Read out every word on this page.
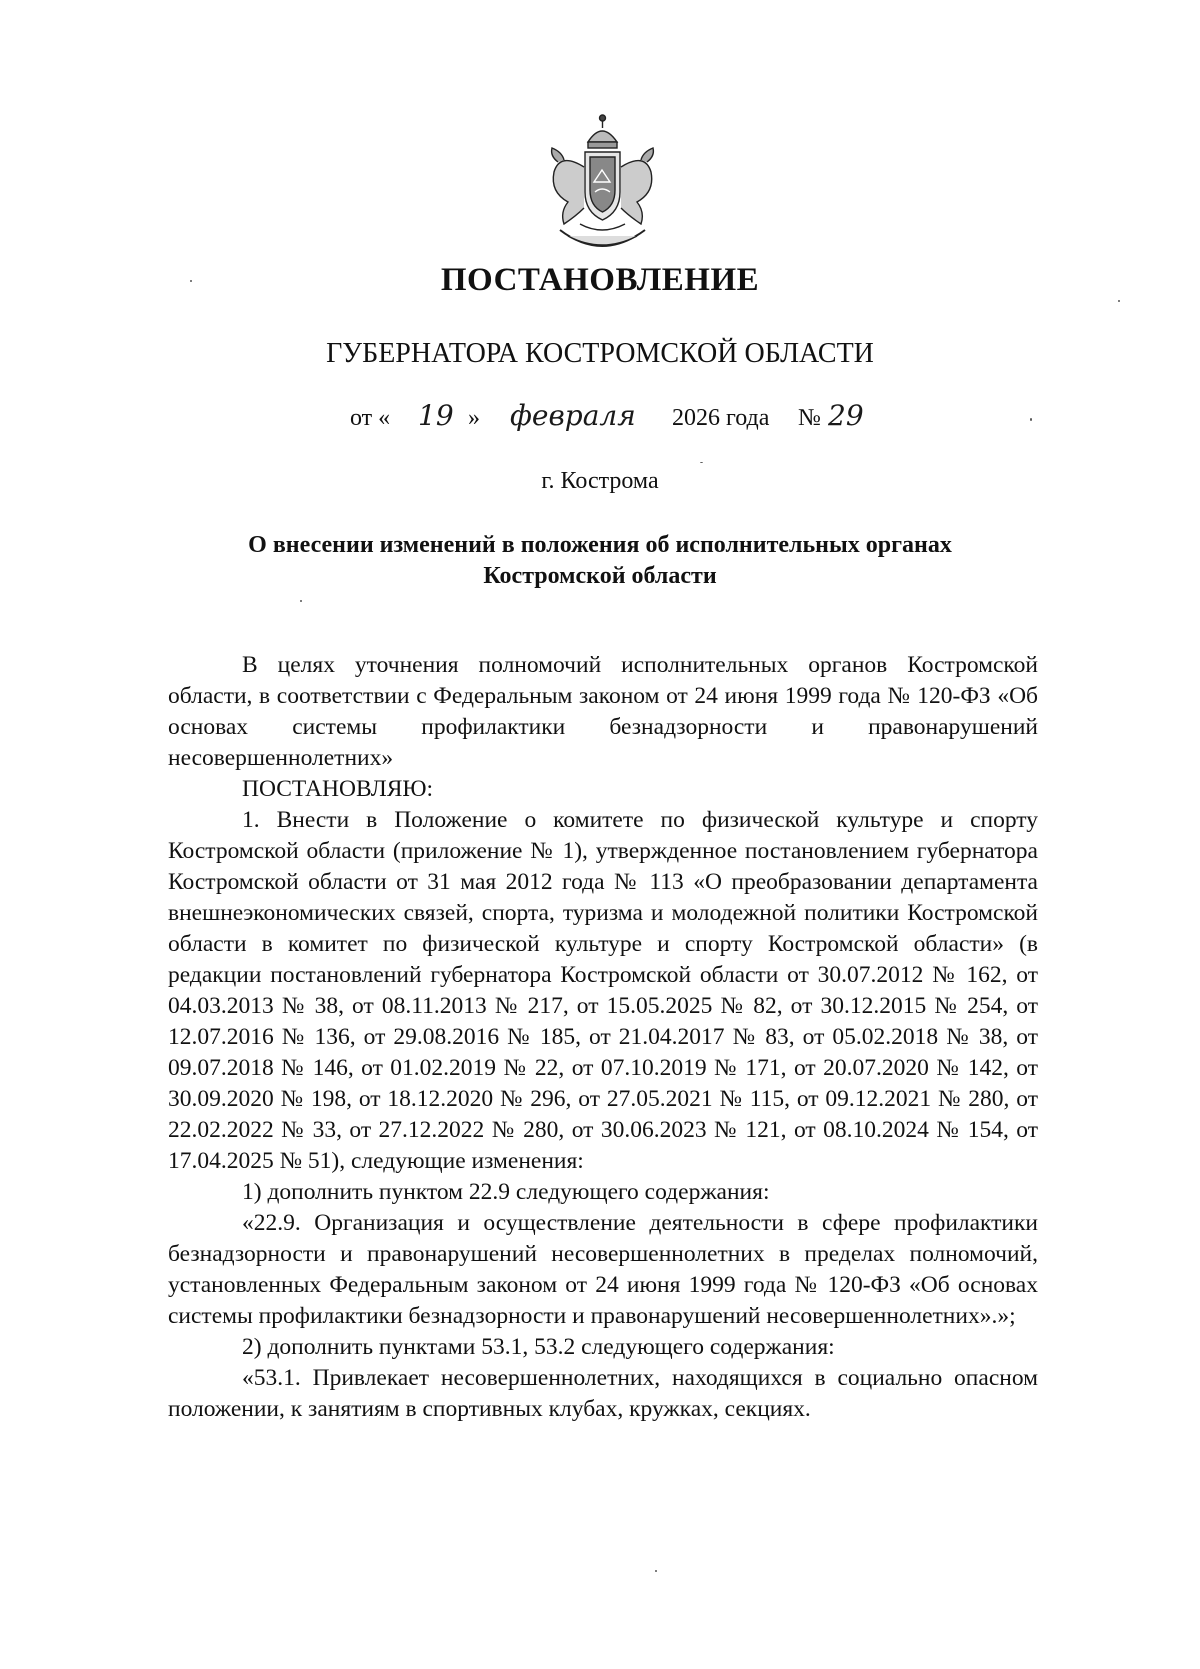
ПОСТАНОВЛЕНИЕ
ГУБЕРНАТОРА КОСТРОМСКОЙ ОБЛАСТИ
от « 19 » февраля 2026 года № 29
г. Кострома
О внесении изменений в положения об исполнительных органах
Костромской области

В целях уточнения полномочий исполнительных органов Костромской области, в соответствии с Федеральным законом от 24 июня 1999 года № 120-ФЗ «Об основах системы профилактики безнадзорности и правонарушений несовершеннолетних»

ПОСТАНОВЛЯЮ:

1. Внести в Положение о комитете по физической культуре и спорту Костромской области (приложение № 1), утвержденное постановлением губернатора Костромской области от 31 мая 2012 года № 113 «О преобразовании департамента внешнеэкономических связей, спорта, туризма и молодежной политики Костромской области в комитет по физической культуре и спорту Костромской области» (в редакции постановлений губернатора Костромской области от 30.07.2012 № 162, от 04.03.2013 № 38, от 08.11.2013 № 217, от 15.05.2025 № 82, от 30.12.2015 № 254, от 12.07.2016 № 136, от 29.08.2016 № 185, от 21.04.2017 № 83, от 05.02.2018 № 38, от 09.07.2018 № 146, от 01.02.2019 № 22, от 07.10.2019 № 171, от 20.07.2020 № 142, от 30.09.2020 № 198, от 18.12.2020 № 296, от 27.05.2021 № 115, от 09.12.2021 № 280, от 22.02.2022 № 33, от 27.12.2022 № 280, от 30.06.2023 № 121, от 08.10.2024 № 154, от 17.04.2025 № 51), следующие изменения:

1) дополнить пунктом 22.9 следующего содержания:

«22.9. Организация и осуществление деятельности в сфере профилактики безнадзорности и правонарушений несовершеннолетних в пределах полномочий, установленных Федеральным законом от 24 июня 1999 года № 120-ФЗ «Об основах системы профилактики безнадзорности и правонарушений несовершеннолетних».»;

2) дополнить пунктами 53.1, 53.2 следующего содержания:

«53.1. Привлекает несовершеннолетних, находящихся в социально опасном положении, к занятиям в спортивных клубах, кружках, секциях.
